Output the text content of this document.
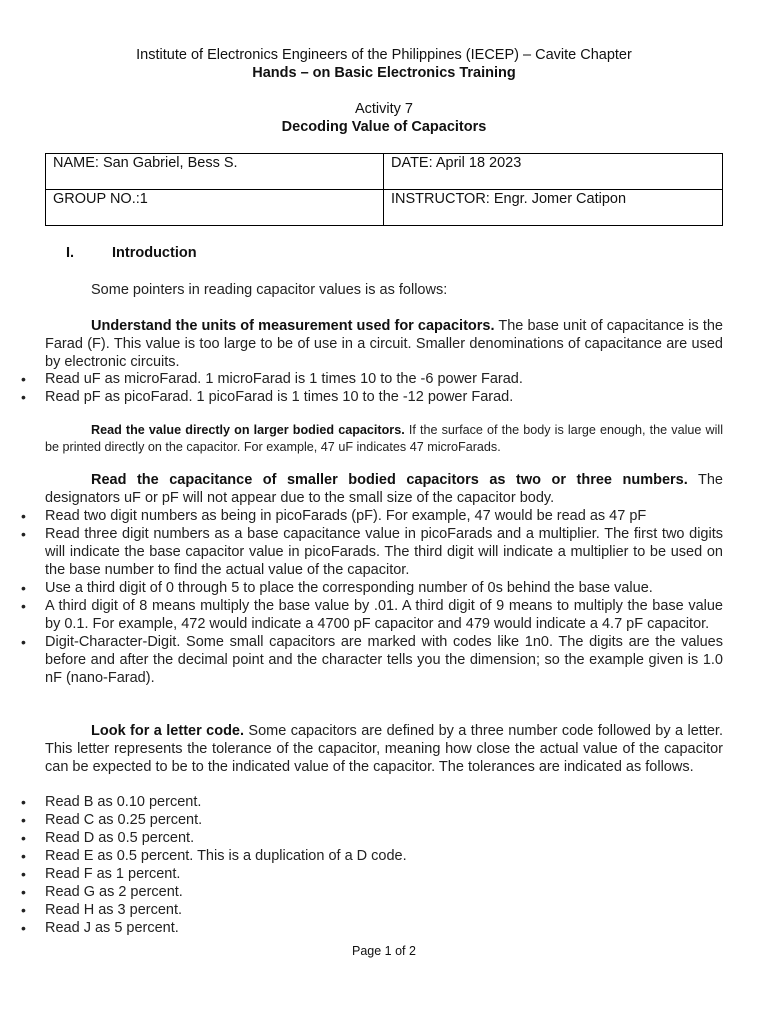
Institute of Electronics Engineers of the Philippines (IECEP) – Cavite Chapter
Hands – on Basic Electronics Training
Activity 7
Decoding Value of Capacitors
NAME: San Gabriel, Bess S.	DATE: April 18 2023
GROUP NO.:1	INSTRUCTOR: Engr. Jomer Catipon
I.	Introduction
Some pointers in reading capacitor values is as follows:
Understand the units of measurement used for capacitors. The base unit of capacitance is the Farad (F). This value is too large to be of use in a circuit. Smaller denominations of capacitance are used by electronic circuits.
• Read uF as microFarad. 1 microFarad is 1 times 10 to the -6 power Farad.
• Read pF as picoFarad. 1 picoFarad is 1 times 10 to the -12 power Farad.
Read the value directly on larger bodied capacitors. If the surface of the body is large enough, the value will be printed directly on the capacitor. For example, 47 uF indicates 47 microFarads.
Read the capacitance of smaller bodied capacitors as two or three numbers. The designators uF or pF will not appear due to the small size of the capacitor body.
• Read two digit numbers as being in picoFarads (pF). For example, 47 would be read as 47 pF
• Read three digit numbers as a base capacitance value in picoFarads and a multiplier. The first two digits will indicate the base capacitor value in picoFarads. The third digit will indicate a multiplier to be used on the base number to find the actual value of the capacitor.
• Use a third digit of 0 through 5 to place the corresponding number of 0s behind the base value.
• A third digit of 8 means multiply the base value by .01. A third digit of 9 means to multiply the base value by 0.1. For example, 472 would indicate a 4700 pF capacitor and 479 would indicate a 4.7 pF capacitor.
• Digit-Character-Digit. Some small capacitors are marked with codes like 1n0. The digits are the values before and after the decimal point and the character tells you the dimension; so the example given is 1.0 nF (nano-Farad).
Look for a letter code. Some capacitors are defined by a three number code followed by a letter. This letter represents the tolerance of the capacitor, meaning how close the actual value of the capacitor can be expected to be to the indicated value of the capacitor. The tolerances are indicated as follows.
• Read B as 0.10 percent.
• Read C as 0.25 percent.
• Read D as 0.5 percent.
• Read E as 0.5 percent. This is a duplication of a D code.
• Read F as 1 percent.
• Read G as 2 percent.
• Read H as 3 percent.
• Read J as 5 percent.
Page 1 of 2
